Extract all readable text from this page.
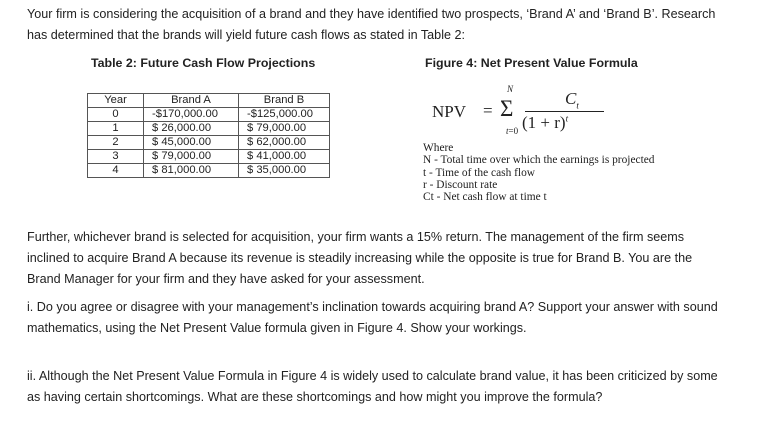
Your firm is considering the acquisition of a brand and they have identified two prospects, ‘Brand A’ and ‘Brand B’. Research has determined that the brands will yield future cash flows as stated in Table 2:

Table 2: Future Cash Flow Projections	Figure 4: Net Present Value Formula
Year	Brand A	Brand B
0	-$170,000.00	-$125,000.00
1	$ 26,000.00	$ 79,000.00
2	$ 45,000.00	$ 62,000.00
3	$ 79,000.00	$ 41,000.00
4	$ 81,000.00	$ 35,000.00
NPV =
N
Σ
t=0
$C_t$
$(1 + r)^t$
Where
N - Total time over which the earnings is projected
t - Time of the cash flow
r - Discount rate
Ct - Net cash flow at time t

Further, whichever brand is selected for acquisition, your firm wants a 15% return. The management of the firm seems inclined to acquire Brand A because its revenue is steadily increasing while the opposite is true for Brand B. You are the Brand Manager for your firm and they have asked for your assessment.

i. Do you agree or disagree with your management’s inclination towards acquiring brand A? Support your answer with sound mathematics, using the Net Present Value formula given in Figure 4. Show your workings.

ii. Although the Net Present Value Formula in Figure 4 is widely used to calculate brand value, it has been criticized by some as having certain shortcomings. What are these shortcomings and how might you improve the formula?
